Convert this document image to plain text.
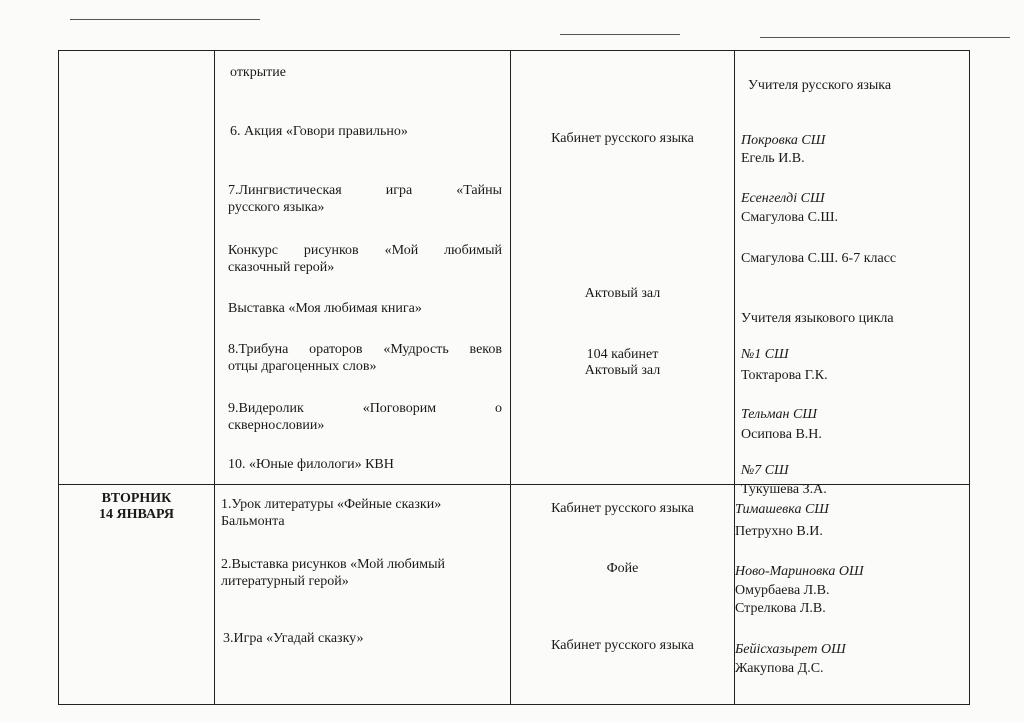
открытие
6. Акция «Говори правильно»
7.Лингвистическая игра «Тайны
русского языка»
Конкурс рисунков «Мой любимый
сказочный герой»
Выставка «Моя любимая книга»
8.Трибуна ораторов «Мудрость веков
отцы драгоценных слов»
9.Видеролик «Поговорим о
сквернословии»
10. «Юные филологи» КВН
Кабинет русского языка
Актовый зал
104 кабинет
Актовый зал
Учителя русского языка
Покровка СШ
Егель И.В.
Есенгелді СШ
Смагулова С.Ш.
Смагулова С.Ш. 6-7 класс
Учителя языкового цикла
№1 СШ
Токтарова Г.К.
Тельман СШ
Осипова В.Н.
№7 СШ
Тукушева З.А.
ВТОРНИК
14 ЯНВАРЯ
1.Урок литературы «Фейные сказки»
Бальмонта
2.Выставка рисунков «Мой любимый
литературный герой»
3.Игра «Угадай сказку»
Кабинет русского языка
Фойе
Кабинет русского языка
Тимашевка СШ
Петрухно В.И.
Ново-Мариновка ОШ
Омурбаева Л.В.
Стрелкова Л.В.
Бейісхазырет ОШ
Жакупова Д.С.
